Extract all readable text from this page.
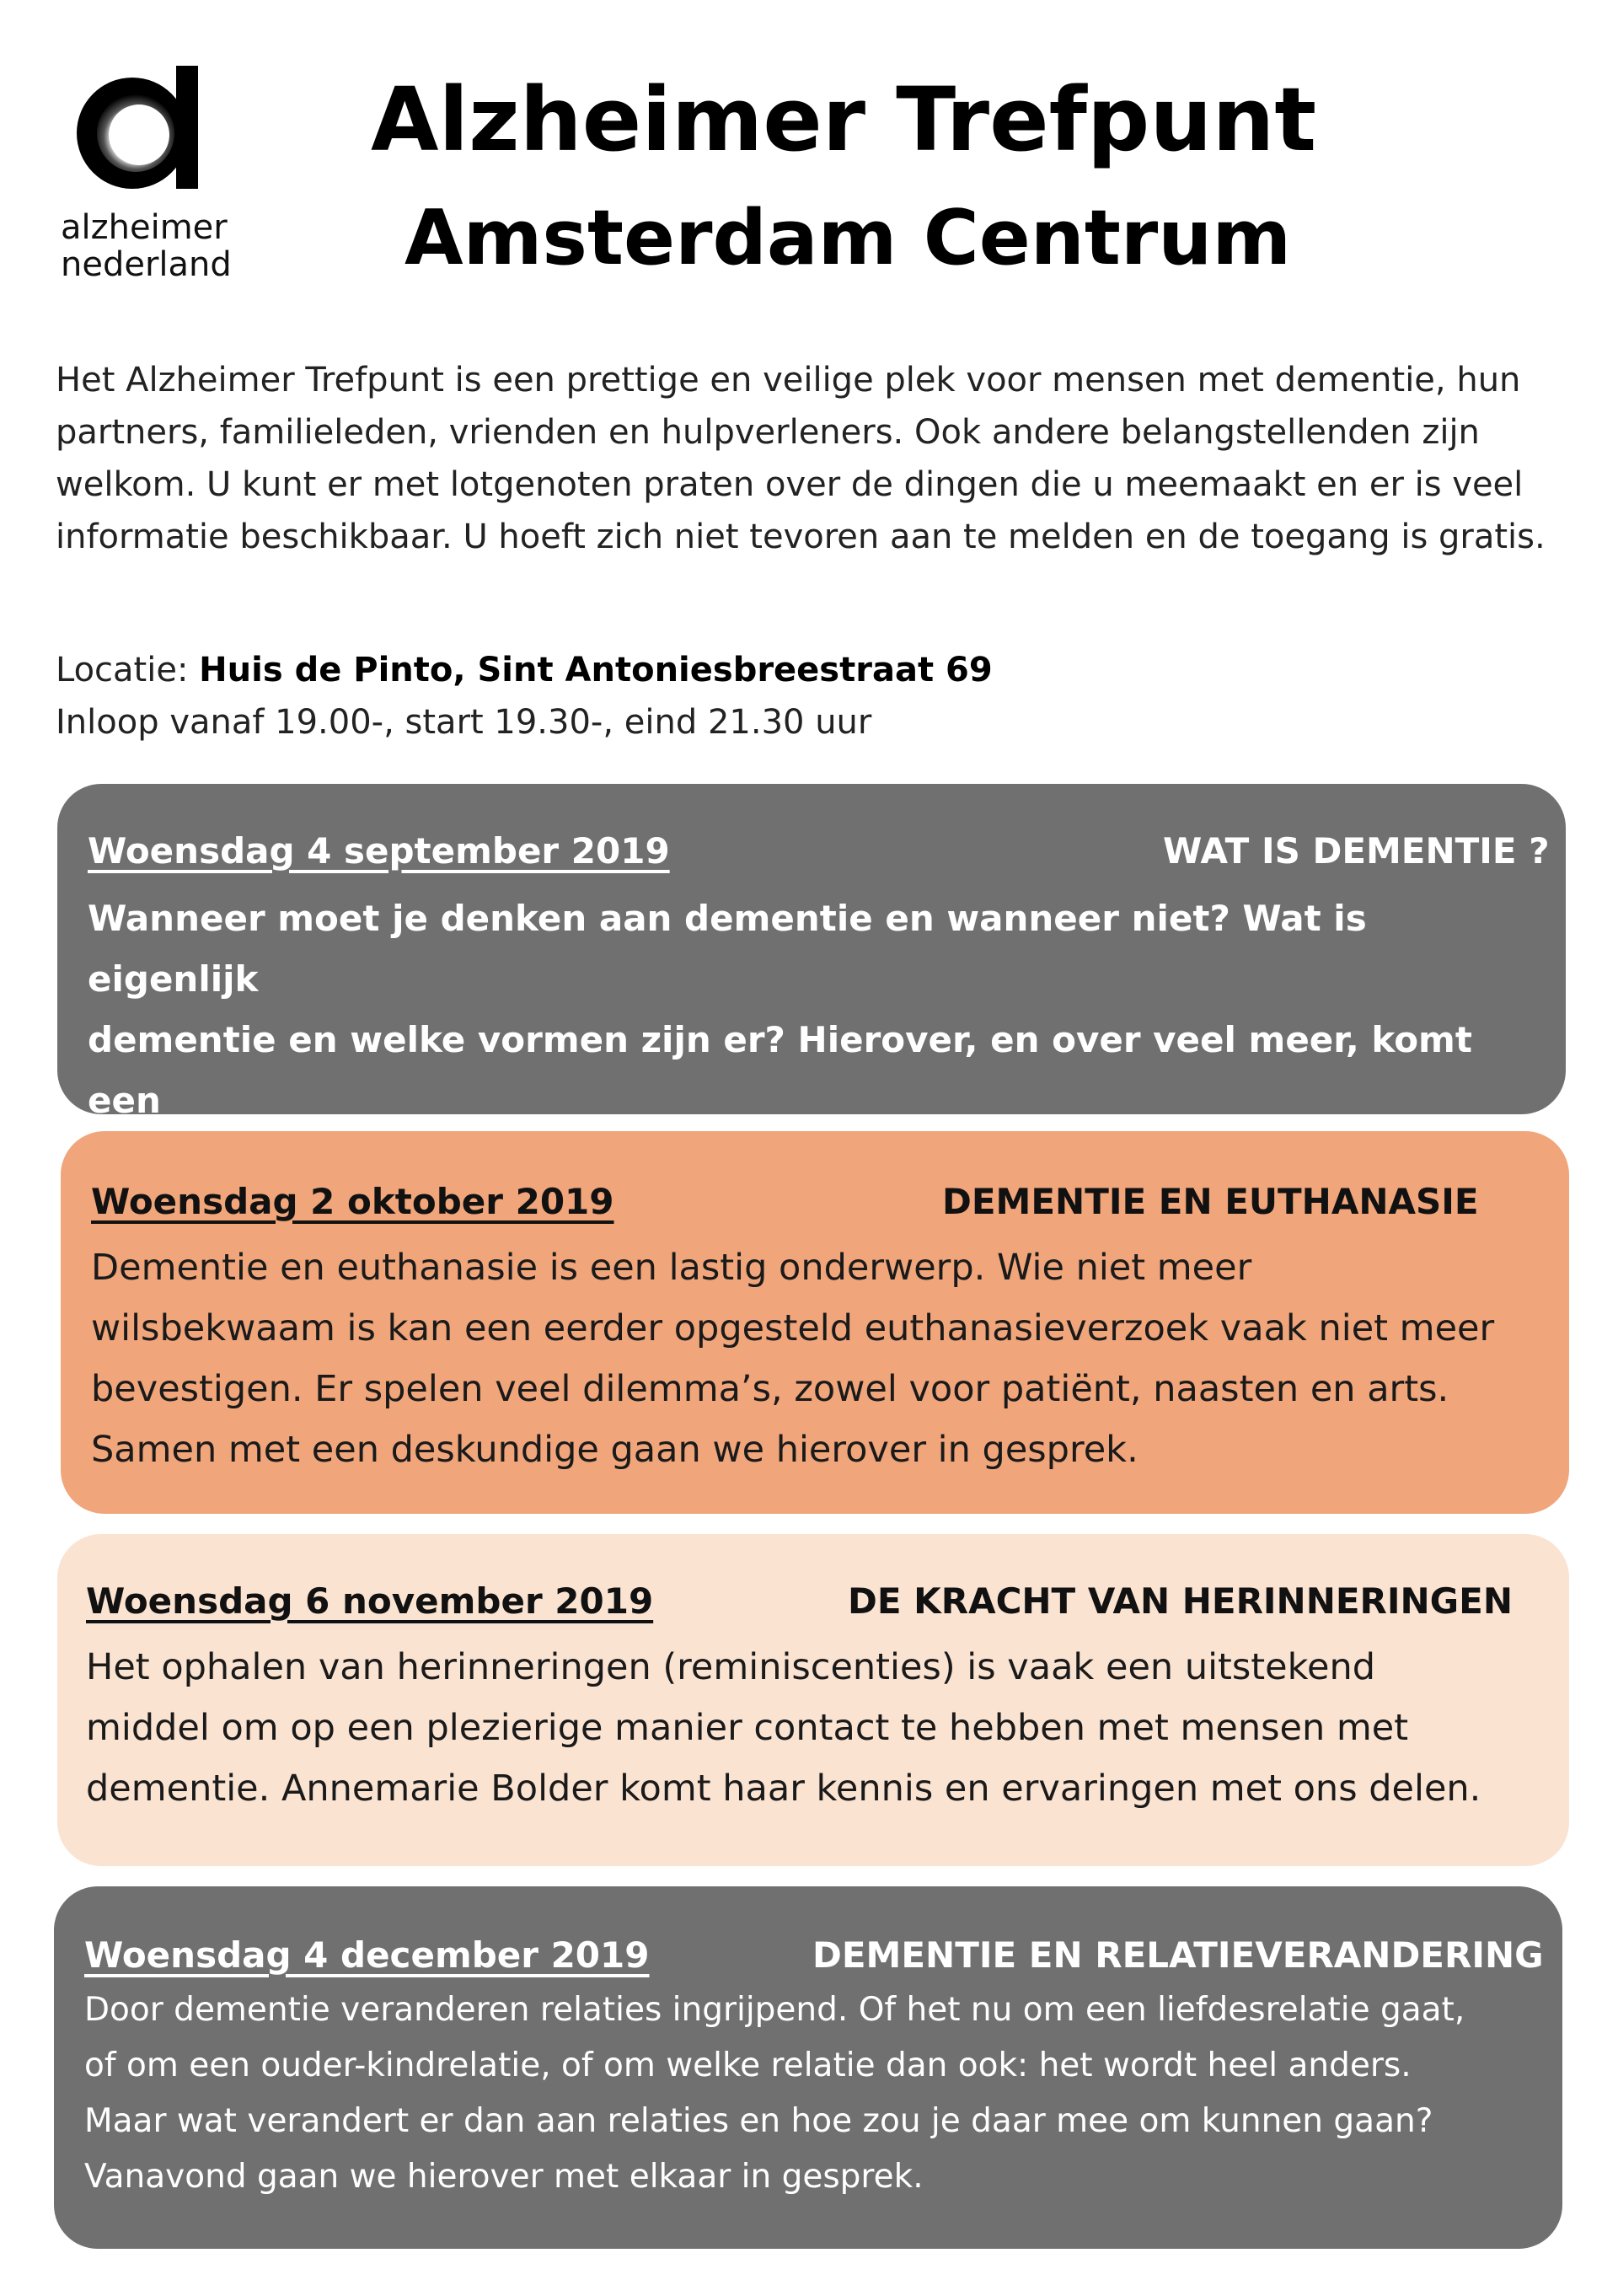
alzheimer
nederland
Alzheimer Trefpunt
Amsterdam Centrum
Het Alzheimer Trefpunt is een prettige en veilige plek voor mensen met dementie, hun partners, familieleden, vrienden en hulpverleners. Ook andere belangstellenden zijn welkom. U kunt er met lotgenoten praten over de dingen die u meemaakt en er is veel informatie beschikbaar. U hoeft zich niet tevoren aan te melden en de toegang is gratis.
Locatie: Huis de Pinto, Sint Antoniesbreestraat 69
Inloop vanaf 19.00-, start 19.30-, eind 21.30 uur
Woensdag 4 september 2019	WAT IS DEMENTIE ?
Wanneer moet je denken aan dementie en wanneer niet? Wat is eigenlijk
dementie en welke vormen zijn er? Hierover, en over veel meer, komt een
Woensdag 2 oktober 2019	DEMENTIE EN EUTHANASIE
Dementie en euthanasie is een lastig onderwerp. Wie niet meer
wilsbekwaam is kan een eerder opgesteld euthanasieverzoek vaak niet meer
bevestigen. Er spelen veel dilemma’s, zowel voor patiënt, naasten en arts.
Samen met een deskundige gaan we hierover in gesprek.
Woensdag 6 november 2019	DE KRACHT VAN HERINNERINGEN
Het ophalen van herinneringen (reminiscenties) is vaak een uitstekend
middel om op een plezierige manier contact te hebben met mensen met
dementie. Annemarie Bolder komt haar kennis en ervaringen met ons delen.
Woensdag 4 december 2019	DEMENTIE EN RELATIEVERANDERING
Door dementie veranderen relaties ingrijpend. Of het nu om een liefdesrelatie gaat,
of om een ouder-kindrelatie, of om welke relatie dan ook: het wordt heel anders.
Maar wat verandert er dan aan relaties en hoe zou je daar mee om kunnen gaan?
Vanavond gaan we hierover met elkaar in gesprek.
